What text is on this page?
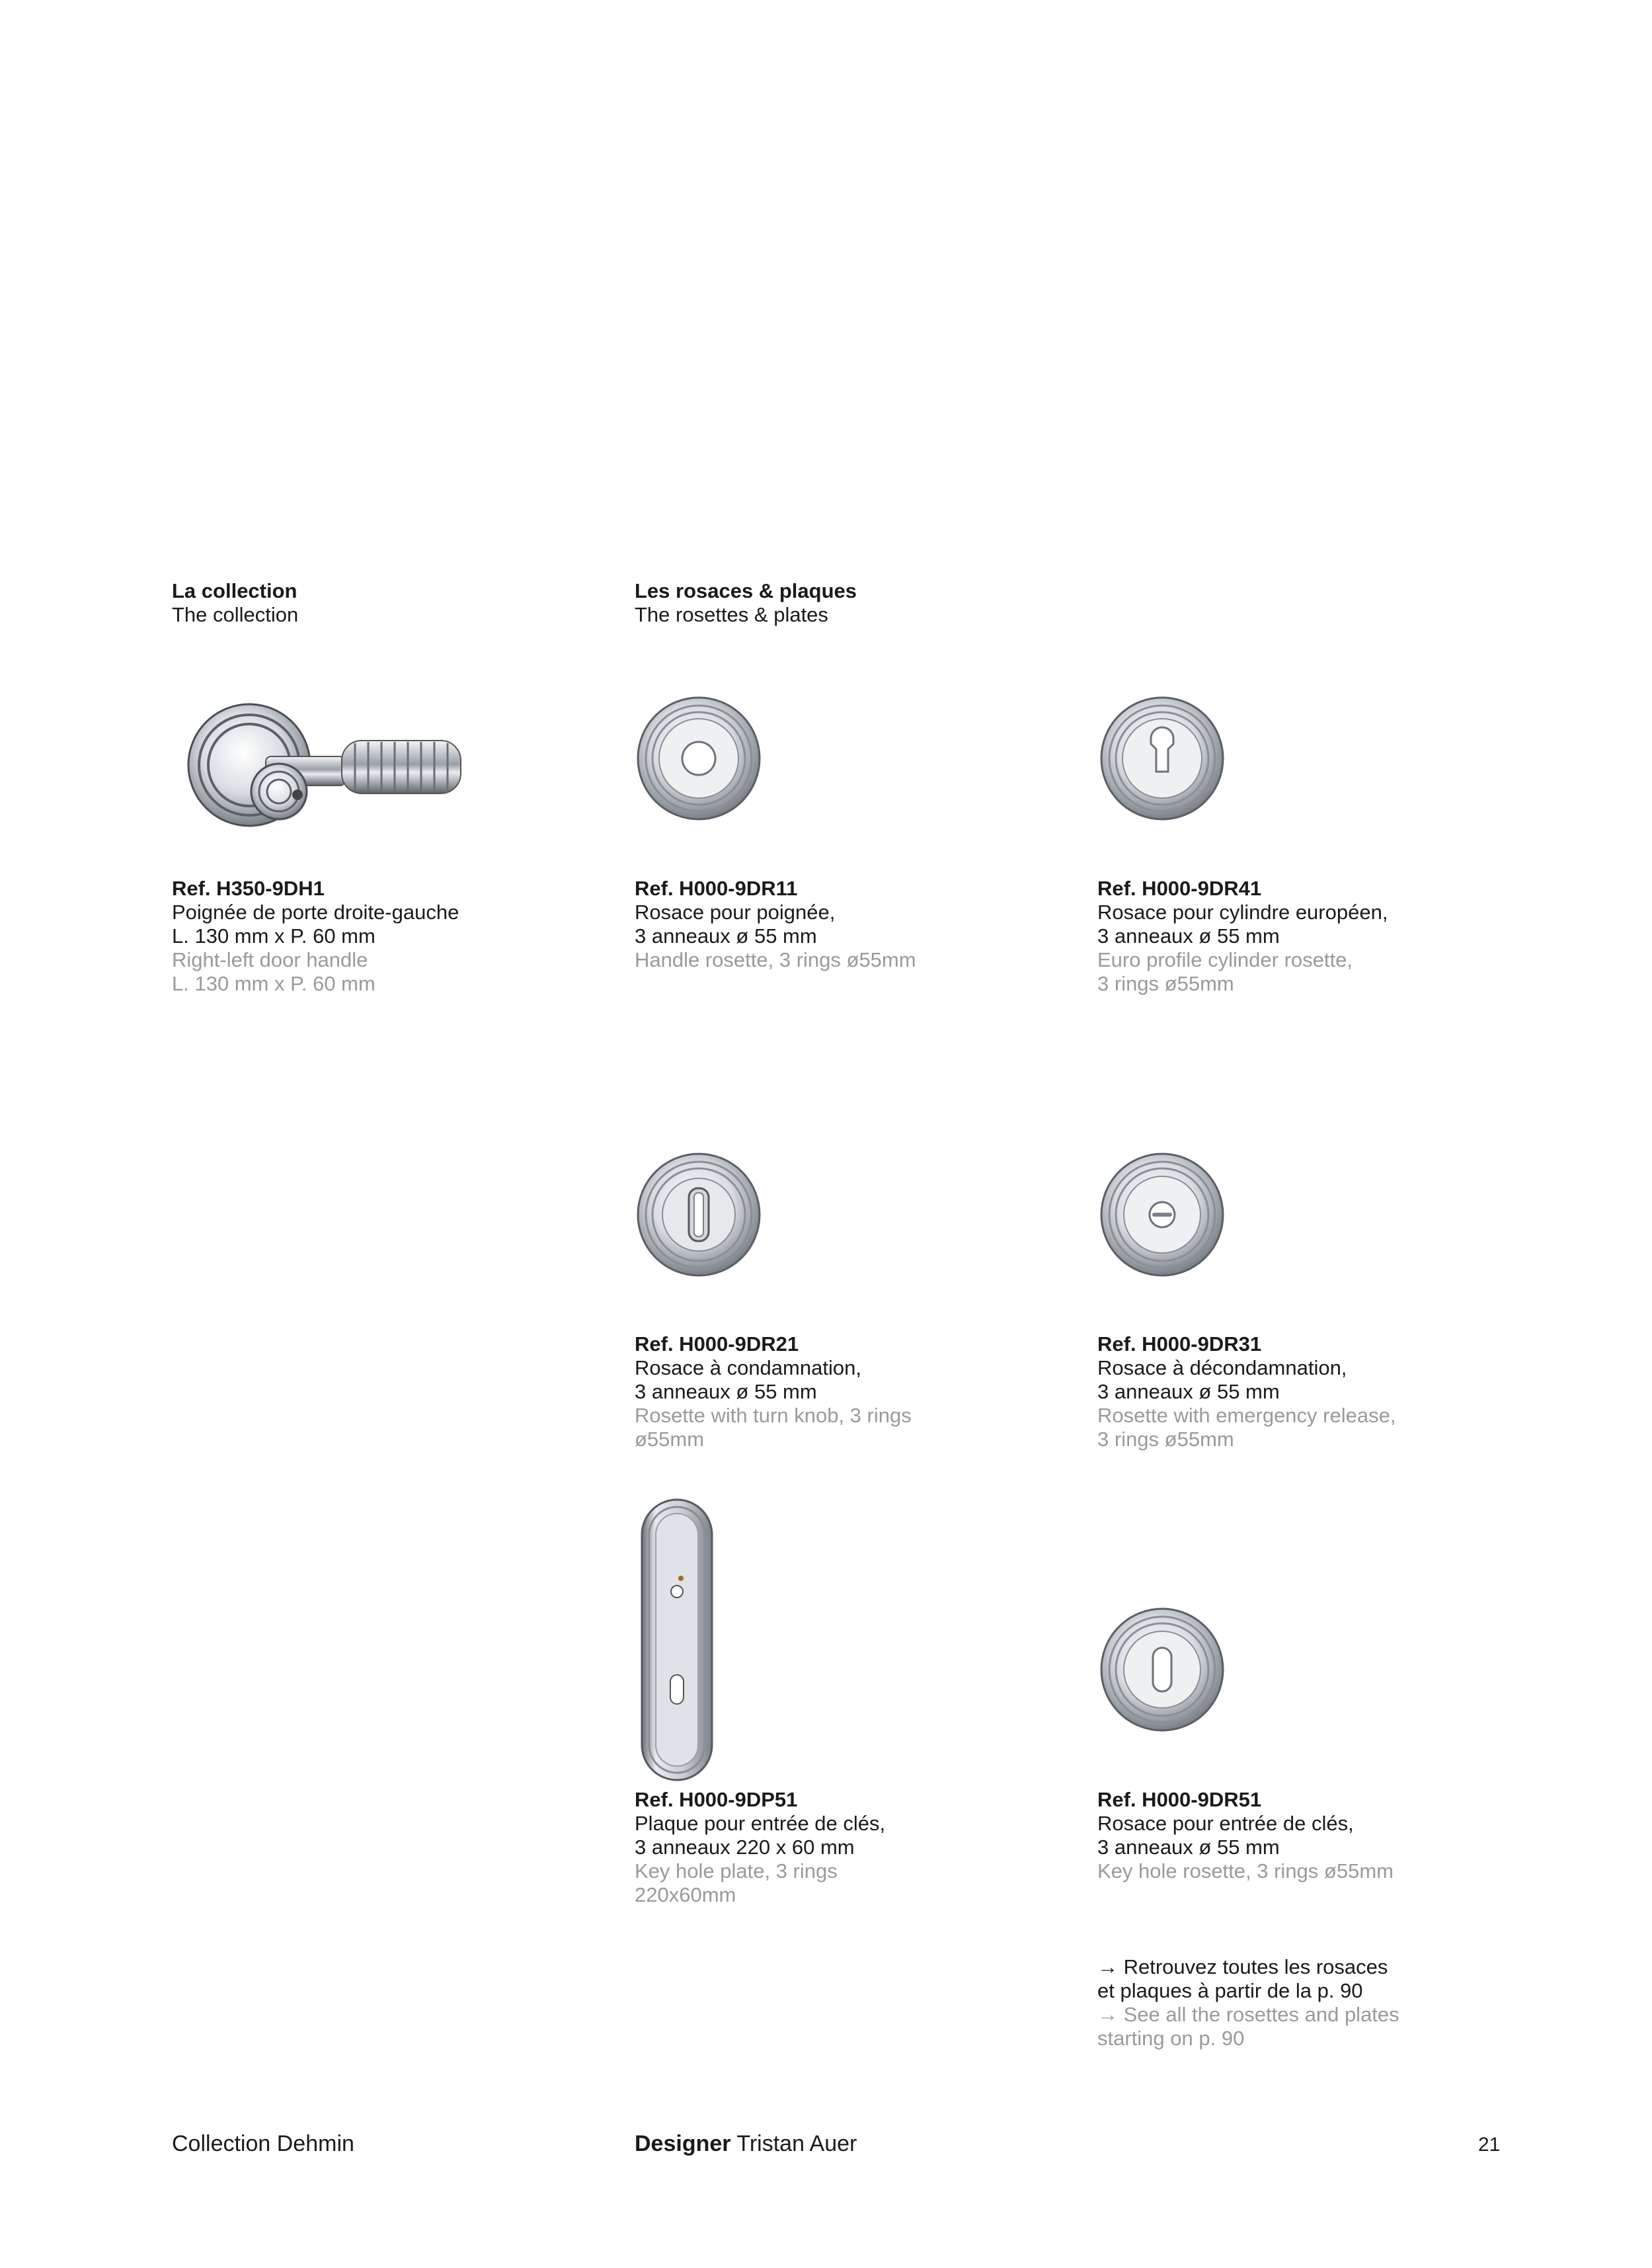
La collection
The collection
Les rosaces & plaques
The rosettes & plates
Ref. H350-9DH1
Poignée de porte droite-gauche
L. 130 mm x P. 60 mm
Right-left door handle
L. 130 mm x P. 60 mm
Ref. H000-9DR11
Rosace pour poignée,
3 anneaux ø 55 mm
Handle rosette, 3 rings ø55mm
Ref. H000-9DR41
Rosace pour cylindre européen,
3 anneaux ø 55 mm
Euro profile cylinder rosette,
3 rings ø55mm
Ref. H000-9DR21
Rosace à condamnation,
3 anneaux ø 55 mm
Rosette with turn knob, 3 rings
ø55mm
Ref. H000-9DR31
Rosace à décondamnation,
3 anneaux ø 55 mm
Rosette with emergency release,
3 rings ø55mm
Ref. H000-9DP51
Plaque pour entrée de clés,
3 anneaux 220 x 60 mm
Key hole plate, 3 rings
220x60mm
Ref. H000-9DR51
Rosace pour entrée de clés,
3 anneaux ø 55 mm
Key hole rosette, 3 rings ø55mm
→ Retrouvez toutes les rosaces
et plaques à partir de la p. 90
→ See all the rosettes and plates
starting on p. 90
Collection Dehmin	Designer Tristan Auer	21
